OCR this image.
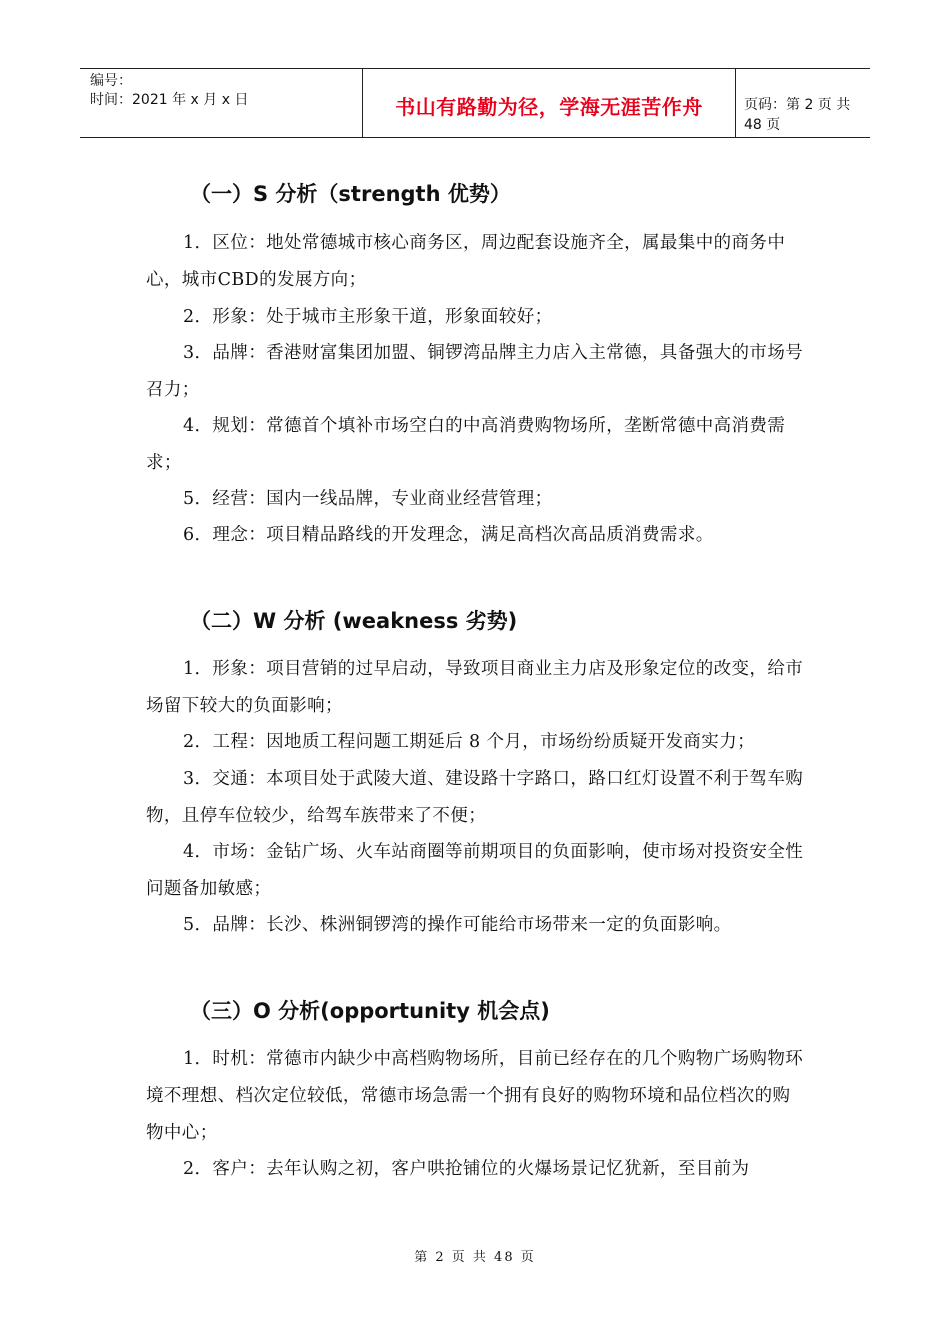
编号：
时间：2021 年 x 月 x 日	书山有路勤为径，学海无涯苦作舟	页码：第 2 页 共 48 页
（一）S 分析（strength 优势）
1．区位：地处常德城市核心商务区，周边配套设施齐全，属最集中的商务中心，城市CBD的发展方向；
2．形象：处于城市主形象干道，形象面较好；
3．品牌：香港财富集团加盟、铜锣湾品牌主力店入主常德，具备强大的市场号召力；
4．规划：常德首个填补市场空白的中高消费购物场所，垄断常德中高消费需求；
5．经营：国内一线品牌，专业商业经营管理；
6．理念：项目精品路线的开发理念，满足高档次高品质消费需求。
（二）W 分析 (weakness 劣势)
1．形象：项目营销的过早启动，导致项目商业主力店及形象定位的改变，给市场留下较大的负面影响；
2．工程：因地质工程问题工期延后 8 个月，市场纷纷质疑开发商实力；
3．交通：本项目处于武陵大道、建设路十字路口，路口红灯设置不利于驾车购物，且停车位较少，给驾车族带来了不便；
4．市场：金钻广场、火车站商圈等前期项目的负面影响，使市场对投资安全性问题备加敏感；
5．品牌：长沙、株洲铜锣湾的操作可能给市场带来一定的负面影响。
（三）O 分析(opportunity 机会点)
1．时机：常德市内缺少中高档购物场所，目前已经存在的几个购物广场购物环境不理想、档次定位较低，常德市场急需一个拥有良好的购物环境和品位档次的购物中心；
2．客户：去年认购之初，客户哄抢铺位的火爆场景记忆犹新，至目前为
第 2 页 共 48 页
